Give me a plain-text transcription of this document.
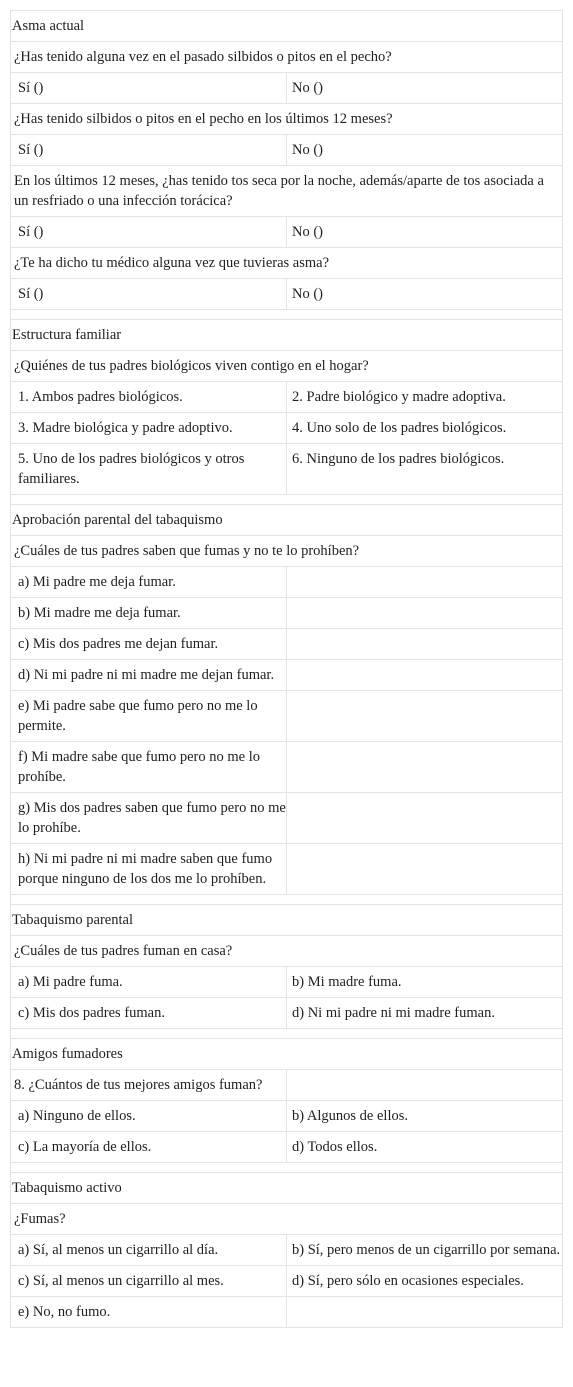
Asma actual	
¿Has tenido alguna vez en el pasado silbidos o pitos en el pecho?	
Sí ()	No ()
¿Has tenido silbidos o pitos en el pecho en los últimos 12 meses?	
Sí ()	No ()
En los últimos 12 meses, ¿has tenido tos seca por la noche, además/aparte de tos asociada a un resfriado o una infección torácica?	
Sí ()	No ()
¿Te ha dicho tu médico alguna vez que tuvieras asma?	
Sí ()	No ()

Estructura familiar	
¿Quiénes de tus padres biológicos viven contigo en el hogar?	
1. Ambos padres biológicos.	2. Padre biológico y madre adoptiva.
3. Madre biológica y padre adoptivo.	4. Uno solo de los padres biológicos.
5. Uno de los padres biológicos y otros familiares.	6. Ninguno de los padres biológicos.

Aprobación parental del tabaquismo	
¿Cuáles de tus padres saben que fumas y no te lo prohíben?	
a) Mi padre me deja fumar.	
b) Mi madre me deja fumar.	
c) Mis dos padres me dejan fumar.	
d) Ni mi padre ni mi madre me dejan fumar.	
e) Mi padre sabe que fumo pero no me lo permite.	
f) Mi madre sabe que fumo pero no me lo prohíbe.	
g) Mis dos padres saben que fumo pero no me lo prohíbe.	
h) Ni mi padre ni mi madre saben que fumo porque ninguno de los dos me lo prohíben.	

Tabaquismo parental	
¿Cuáles de tus padres fuman en casa?	
a) Mi padre fuma.	b) Mi madre fuma.
c) Mis dos padres fuman.	d) Ni mi padre ni mi madre fuman.

Amigos fumadores	
8. ¿Cuántos de tus mejores amigos fuman?	
a) Ninguno de ellos.	b) Algunos de ellos.
c) La mayoría de ellos.	d) Todos ellos.

Tabaquismo activo	
¿Fumas?	
a) Sí, al menos un cigarrillo al día.	b) Sí, pero menos de un cigarrillo por semana.
c) Sí, al menos un cigarrillo al mes.	d) Sí, pero sólo en ocasiones especiales.
e) No, no fumo.	
